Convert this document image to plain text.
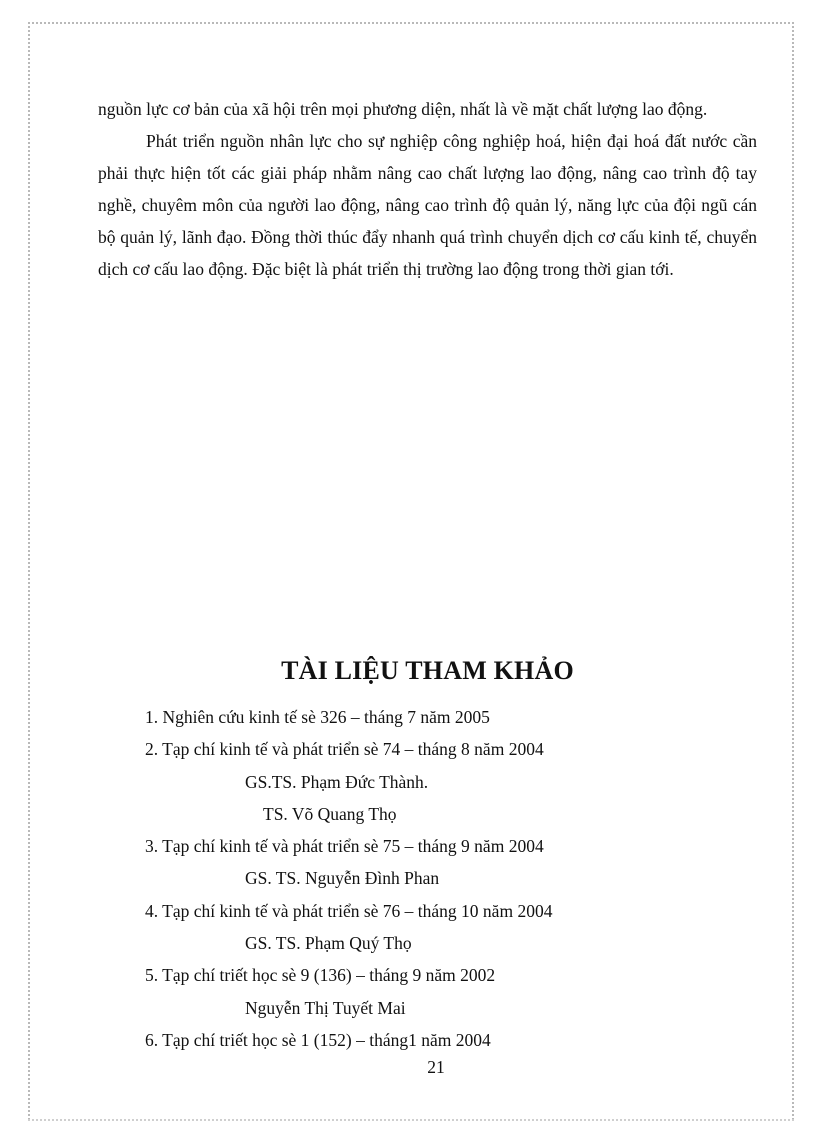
nguồn lực cơ bản của xã hội trên mọi phương diện, nhất là về mặt chất lượng lao động.

Phát triển nguồn nhân lực cho sự nghiệp công nghiệp hoá, hiện đại hoá đất nước cần phải thực hiện tốt các giải pháp nhằm nâng cao chất lượng lao động, nâng cao trình độ tay nghề, chuyêm môn của người lao động, nâng cao trình độ quản lý, năng lực của đội ngũ cán bộ quản lý, lãnh đạo. Đồng thời thúc đẩy nhanh quá trình chuyển dịch cơ cấu kinh tế, chuyển dịch cơ cấu lao động. Đặc biệt là phát triển thị trường lao động trong thời gian tới.

TÀI LIỆU THAM KHẢO
1. Nghiên cứu kinh tế sè 326 – tháng 7 năm 2005
2. Tạp chí kinh tế và phát triển sè 74 – tháng 8 năm 2004
GS.TS. Phạm Đức Thành.
TS. Võ Quang Thọ
3. Tạp chí kinh tế và phát triển sè 75 – tháng 9 năm 2004
GS. TS. Nguyễn Đình Phan
4. Tạp chí kinh tế và phát triển sè 76 – tháng 10 năm 2004
GS. TS. Phạm Quý Thọ
5. Tạp chí triết học sè 9 (136) – tháng 9 năm 2002
Nguyễn Thị Tuyết Mai
6. Tạp chí triết học sè 1 (152) – tháng1 năm 2004

21
